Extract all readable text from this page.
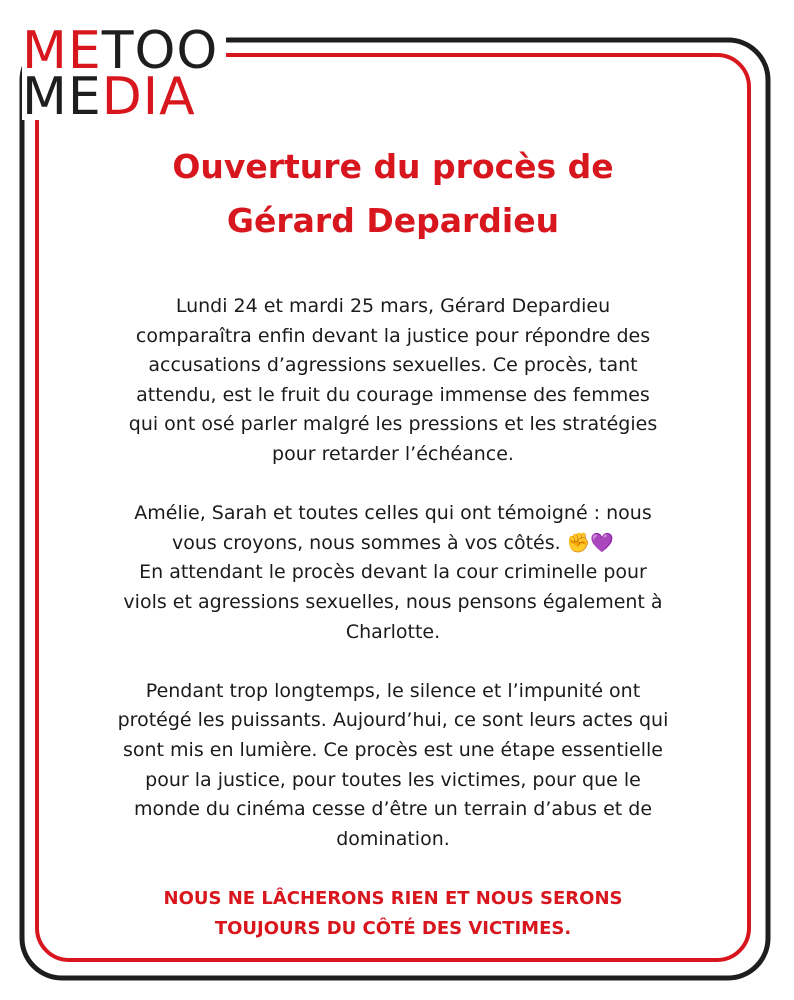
ME TOO
ME DIA
Ouverture du procès de
Gérard Depardieu
Lundi 24 et mardi 25 mars, Gérard Depardieu
comparaîtra enfin devant la justice pour répondre des
accusations d’agressions sexuelles. Ce procès, tant
attendu, est le fruit du courage immense des femmes
qui ont osé parler malgré les pressions et les stratégies
pour retarder l’échéance.
Amélie, Sarah et toutes celles qui ont témoigné : nous
vous croyons, nous sommes à vos côtés. ✊💜
En attendant le procès devant la cour criminelle pour
viols et agressions sexuelles, nous pensons également à
Charlotte.
Pendant trop longtemps, le silence et l’impunité ont
protégé les puissants. Aujourd’hui, ce sont leurs actes qui
sont mis en lumière. Ce procès est une étape essentielle
pour la justice, pour toutes les victimes, pour que le
monde du cinéma cesse d’être un terrain d’abus et de
domination.
NOUS NE LÂCHERONS RIEN ET NOUS SERONS
TOUJOURS DU CÔTÉ DES VICTIMES.
